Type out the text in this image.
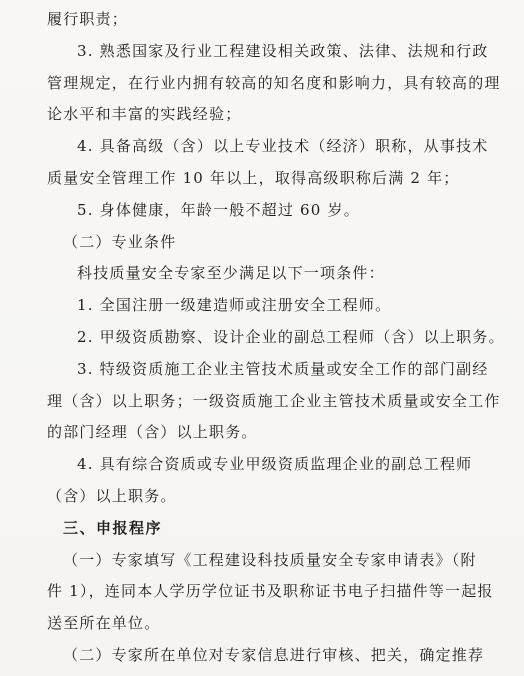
履行职责；
3. 熟悉国家及行业工程建设相关政策、法律、法规和行政
管理规定，在行业内拥有较高的知名度和影响力，具有较高的理
论水平和丰富的实践经验；
4. 具备高级（含）以上专业技术（经济）职称，从事技术
质量安全管理工作 10 年以上，取得高级职称后满 2 年；
5. 身体健康，年龄一般不超过 60 岁。
（二）专业条件
科技质量安全专家至少满足以下一项条件：
1. 全国注册一级建造师或注册安全工程师。
2. 甲级资质勘察、设计企业的副总工程师（含）以上职务。
3. 特级资质施工企业主管技术质量或安全工作的部门副经
理（含）以上职务；一级资质施工企业主管技术质量或安全工作
的部门经理（含）以上职务。
4. 具有综合资质或专业甲级资质监理企业的副总工程师
（含）以上职务。
三、申报程序
（一）专家填写《工程建设科技质量安全专家申请表》（附
件 1），连同本人学历学位证书及职称证书电子扫描件等一起报
送至所在单位。
（二）专家所在单位对专家信息进行审核、把关，确定推荐
